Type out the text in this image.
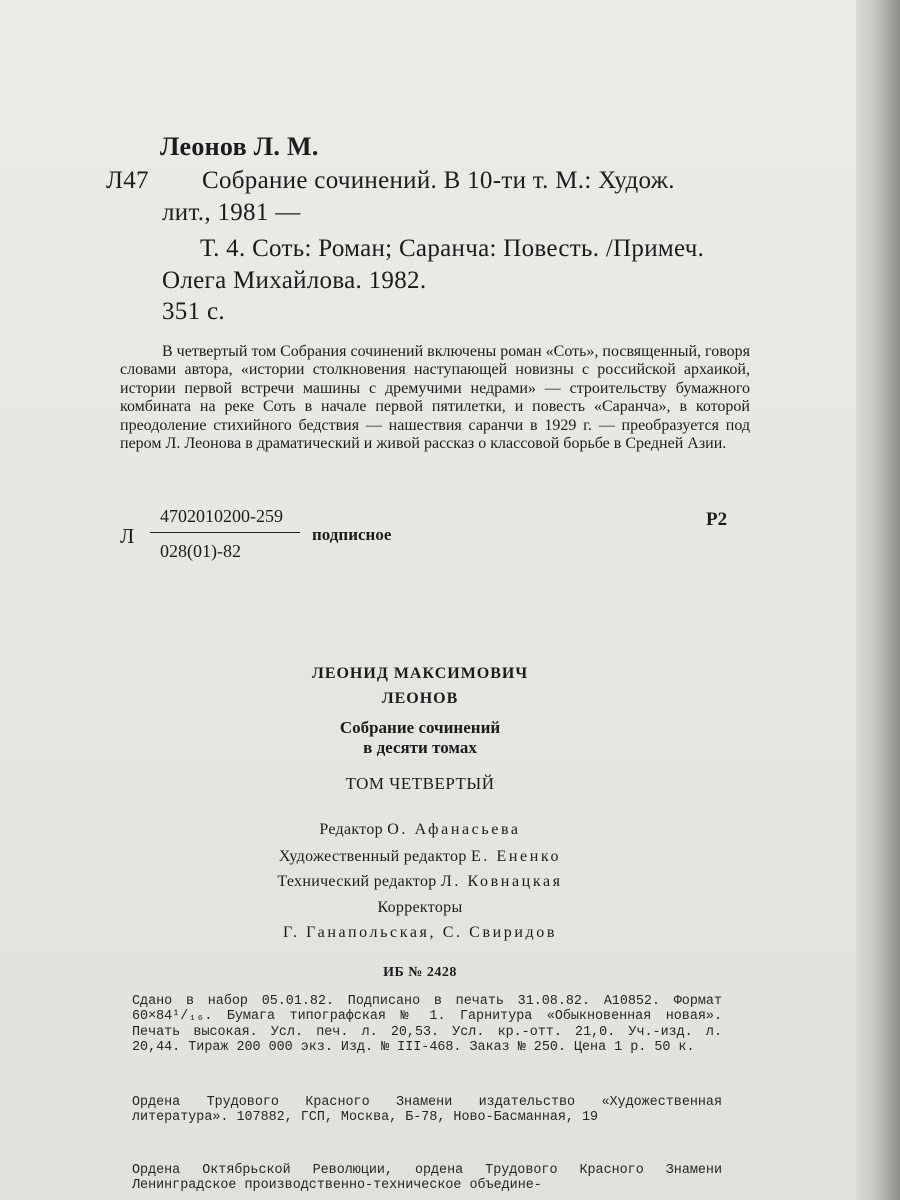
Леонов Л. М.
Л47 Собрание сочинений. В 10-ти т. М.: Худож.
лит., 1981 —
Т. 4. Соть: Роман; Саранча: Повесть. /Примеч.
Олега Михайлова. 1982.
351 с.

В четвертый том Собрания сочинений включены роман «Соть», посвященный, говоря словами автора, «истории столкновения наступающей новизны с российской архаикой, истории первой встречи машины с дремучими недрами» — строительству бумажного комбината на реке Соть в начале первой пятилетки, и повесть «Саранча», в которой преодоление стихийного бедствия — нашествия саранчи в 1929 г. — преобразуется под пером Л. Леонова в драматический и живой рассказ о классовой борьбе в Средней Азии.

Л
4702010200-259
028(01)-82
подписное
Р2
ЛЕОНИД МАКСИМОВИЧ
ЛЕОНОВ
Собрание сочинений
в десяти томах
ТОМ ЧЕТВЕРТЫЙ
Редактор О. Афанасьева
Художественный редактор Е. Ененко
Технический редактор Л. Ковнацкая
Корректоры
Г. Ганапольская, С. Свиридов
ИБ № 2428

Сдано в набор 05.01.82. Подписано в печать 31.08.82. А10852. Формат 60×84¹/₁₆. Бумага типографская № 1. Гарнитура «Обыкновенная новая». Печать высокая. Усл. печ. л. 20,53. Усл. кр.-отт. 21,0. Уч.-изд. л. 20,44. Тираж 200 000 экз. Изд. № III-468. Заказ № 250. Цена 1 р. 50 к.

Ордена Трудового Красного Знамени издательство «Художественная литература». 107882, ГСП, Москва, Б-78, Ново-Басманная, 19

Ордена Октябрьской Революции, ордена Трудового Красного Знамени Ленинградское производственно-техническое объедине-
